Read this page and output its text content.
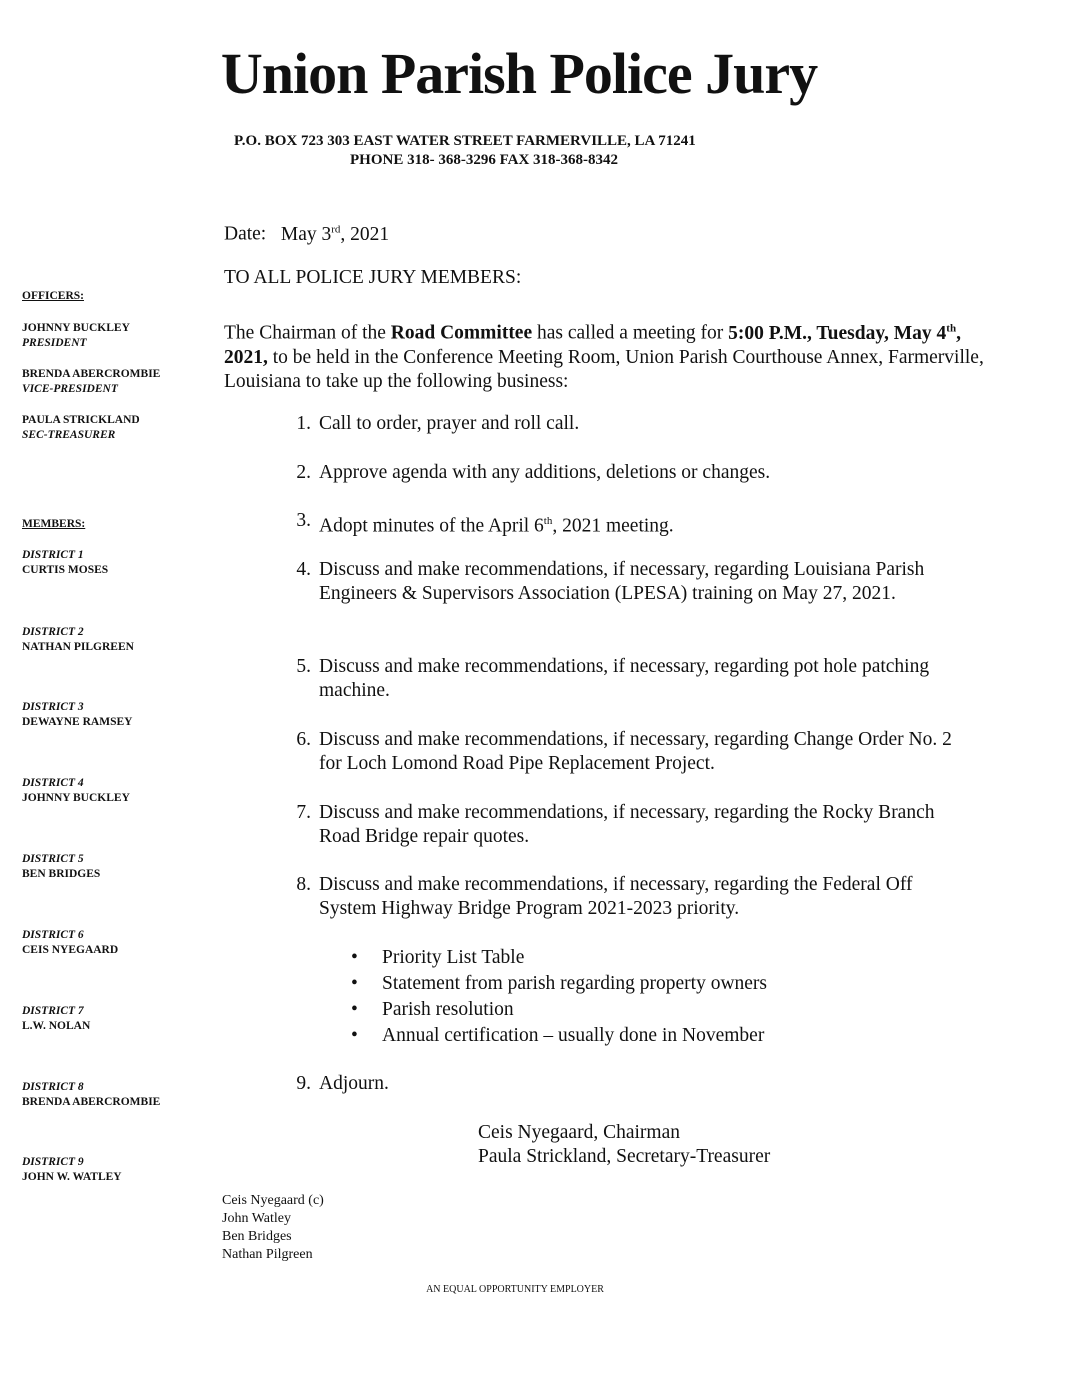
Union Parish Police Jury
P.O. BOX 723 303 EAST WATER STREET FARMERVILLE, LA 71241
PHONE 318- 368-3296 FAX 318-368-8342
Date: May 3rd, 2021
TO ALL POLICE JURY MEMBERS:
The Chairman of the Road Committee has called a meeting for 5:00 P.M., Tuesday, May 4th, 2021, to be held in the Conference Meeting Room, Union Parish Courthouse Annex, Farmerville, Louisiana to take up the following business:
1. Call to order, prayer and roll call.
2. Approve agenda with any additions, deletions or changes.
3. Adopt minutes of the April 6th, 2021 meeting.
4. Discuss and make recommendations, if necessary, regarding Louisiana Parish Engineers & Supervisors Association (LPESA) training on May 27, 2021.
5. Discuss and make recommendations, if necessary, regarding pot hole patching machine.
6. Discuss and make recommendations, if necessary, regarding Change Order No. 2 for Loch Lomond Road Pipe Replacement Project.
7. Discuss and make recommendations, if necessary, regarding the Rocky Branch Road Bridge repair quotes.
8. Discuss and make recommendations, if necessary, regarding the Federal Off System Highway Bridge Program 2021-2023 priority.
• Priority List Table
• Statement from parish regarding property owners
• Parish resolution
• Annual certification – usually done in November
9. Adjourn.
Ceis Nyegaard, Chairman
Paula Strickland, Secretary-Treasurer
Ceis Nyegaard (c)
John Watley
Ben Bridges
Nathan Pilgreen
OFFICERS:
JOHNNY BUCKLEY
PRESIDENT
BRENDA ABERCROMBIE
VICE-PRESIDENT
PAULA STRICKLAND
SEC-TREASURER
MEMBERS:
DISTRICT 1
CURTIS MOSES
DISTRICT 2
NATHAN PILGREEN
DISTRICT 3
DEWAYNE RAMSEY
DISTRICT 4
JOHNNY BUCKLEY
DISTRICT 5
BEN BRIDGES
DISTRICT 6
CEIS NYEGAARD
DISTRICT 7
L.W. NOLAN
DISTRICT 8
BRENDA ABERCROMBIE
DISTRICT 9
JOHN W. WATLEY
AN EQUAL OPPORTUNITY EMPLOYER
